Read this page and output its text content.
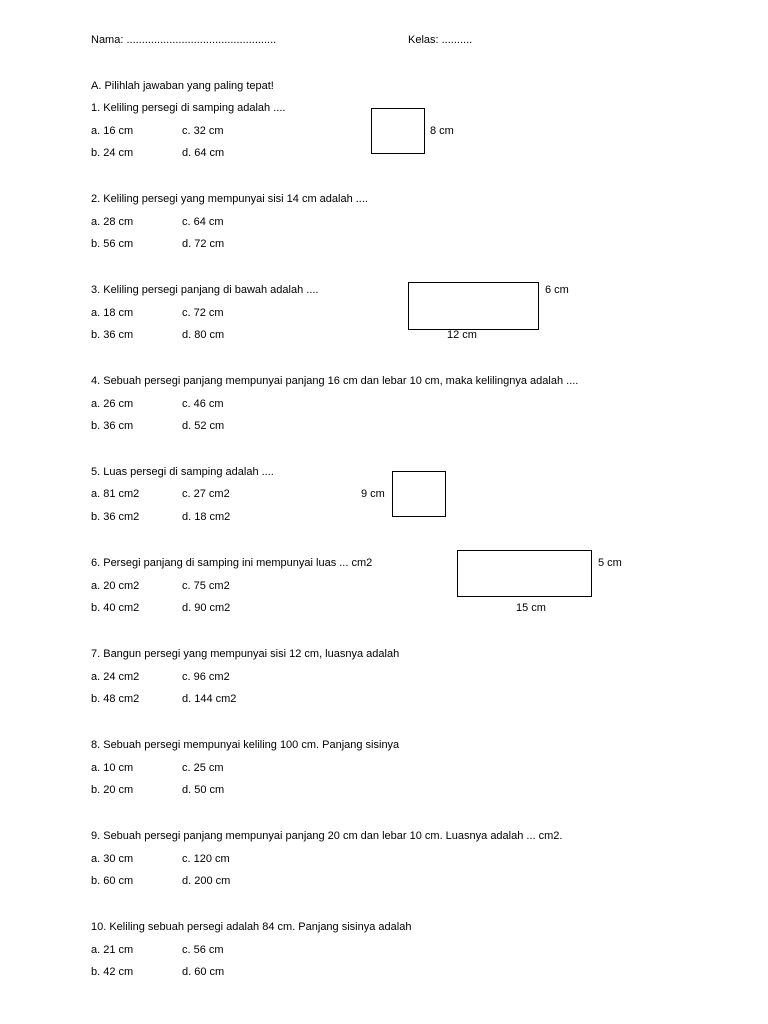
Nama: .................................................	Kelas: ..........
A. Pilihlah jawaban yang paling tepat!
1. Keliling persegi di samping adalah ....
a. 16 cm
b. 24 cm
c. 32 cm
d. 64 cm
8 cm
2. Keliling persegi yang mempunyai sisi 14 cm adalah ....
a. 28 cm
b. 56 cm
c. 64 cm
d. 72 cm
3. Keliling persegi panjang di bawah adalah ....
a. 18 cm
b. 36 cm
c. 72 cm
d. 80 cm
6 cm
12 cm
4. Sebuah persegi panjang mempunyai panjang 16 cm dan lebar 10 cm, maka kelilingnya adalah ....
a. 26 cm
b. 36 cm
c. 46 cm
d. 52 cm
5. Luas persegi di samping adalah ....
a. 81 cm2
b. 36 cm2
c. 27 cm2
d. 18 cm2
9 cm
6. Persegi panjang di samping ini mempunyai luas ... cm2
a. 20 cm2
b. 40 cm2
c. 75 cm2
d. 90 cm2
5 cm
15 cm
7. Bangun persegi yang mempunyai sisi 12 cm, luasnya adalah
a. 24 cm2
b. 48 cm2
c. 96 cm2
d. 144 cm2
8. Sebuah persegi mempunyai keliling 100 cm. Panjang sisinya
a. 10 cm
b. 20 cm
c. 25 cm
d. 50 cm
9. Sebuah persegi panjang mempunyai panjang 20 cm dan lebar 10 cm. Luasnya adalah ... cm2.
a. 30 cm
b. 60 cm
c. 120 cm
d. 200 cm
10. Keliling sebuah persegi adalah 84 cm. Panjang sisinya adalah
a. 21 cm
b. 42 cm
c. 56 cm
d. 60 cm
